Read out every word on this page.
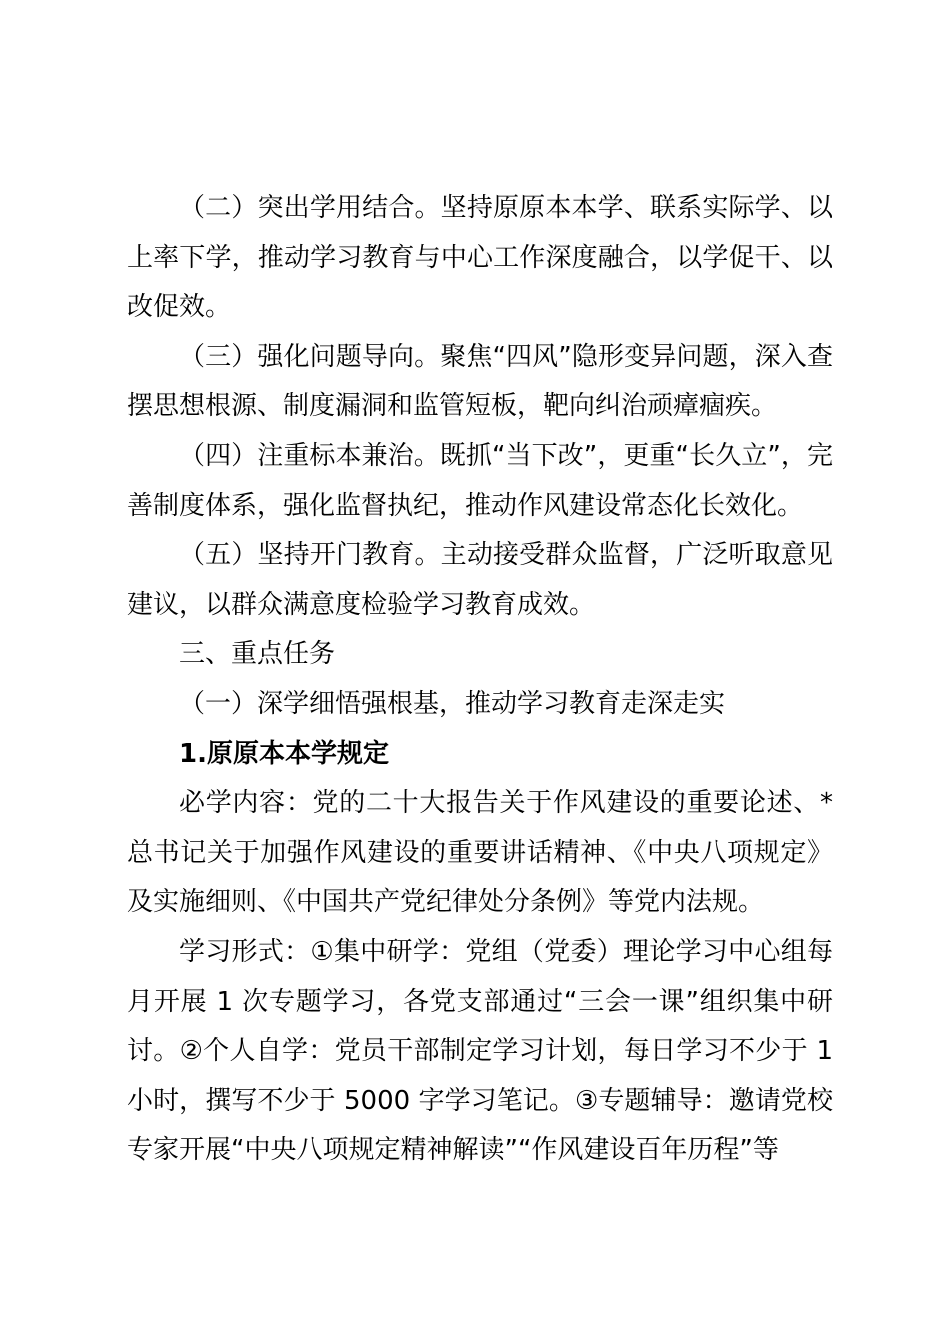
（二）突出学用结合。坚持原原本本学、联系实际学、以上率下学，推动学习教育与中心工作深度融合，以学促干、以改促效。

（三）强化问题导向。聚焦“四风”隐形变异问题，深入查摆思想根源、制度漏洞和监管短板，靶向纠治顽瘴痼疾。

（四）注重标本兼治。既抓“当下改”，更重“长久立”，完善制度体系，强化监督执纪，推动作风建设常态化长效化。

（五）坚持开门教育。主动接受群众监督，广泛听取意见建议，以群众满意度检验学习教育成效。

三、重点任务

（一）深学细悟强根基，推动学习教育走深走实

1.原原本本学规定

必学内容：党的二十大报告关于作风建设的重要论述、*总书记关于加强作风建设的重要讲话精神、《中央八项规定》及实施细则、《中国共产党纪律处分条例》等党内法规。

学习形式：①集中研学：党组（党委）理论学习中心组每月开展 1 次专题学习，各党支部通过“三会一课”组织集中研讨。②个人自学：党员干部制定学习计划，每日学习不少于 1 小时，撰写不少于 5000 字学习笔记。③专题辅导：邀请党校专家开展“中央八项规定精神解读”“作风建设百年历程”等
